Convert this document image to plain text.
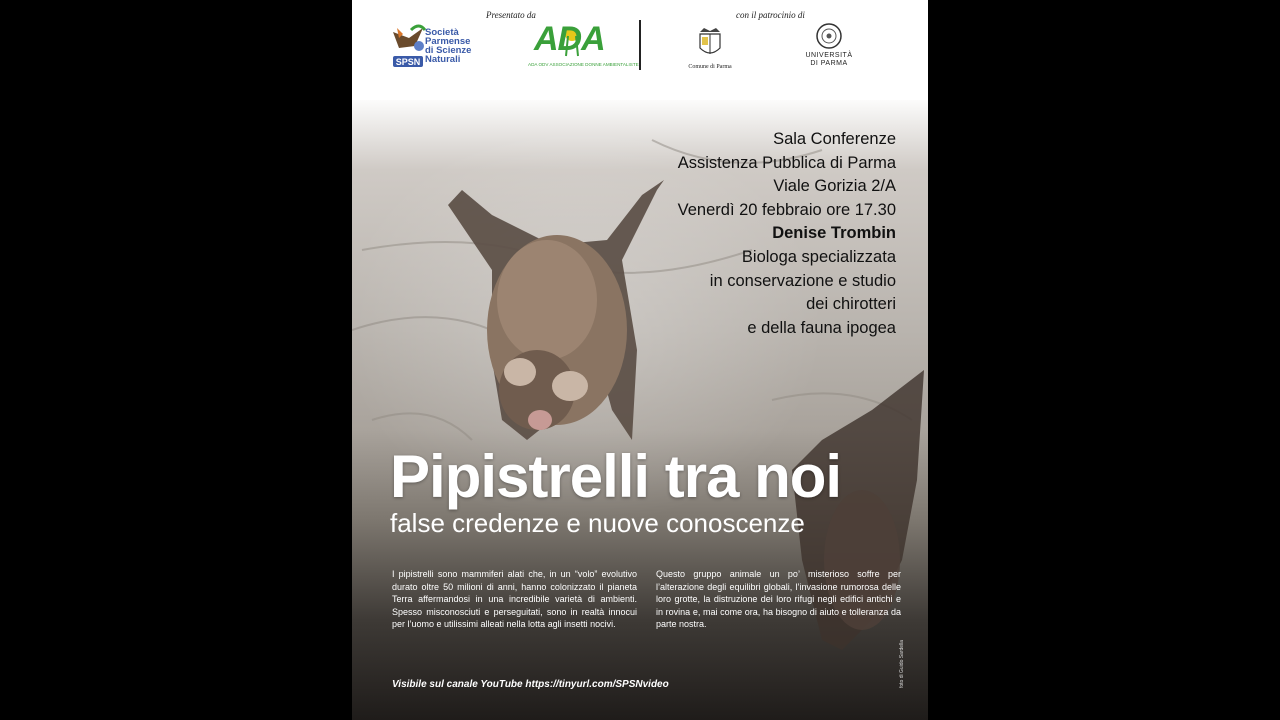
Presentato da	con il patrocinio di
SPSN
Società
Parmense
di Scienze
Naturali
ADA
ADA ODV ASSOCIAZIONE DONNE AMBIENTALISTE	Comune di Parma
UNIVERSITÀ
DI PARMA
Sala Conferenze
Assistenza Pubblica di Parma
Viale Gorizia 2/A
Venerdì 20 febbraio ore 17.30
Denise Trombin
Biologa specializzata
in conservazione e studio
dei chirotteri
e della fauna ipogea
Pipistrelli tra noi
false credenze e nuove conoscenze
I pipistrelli sono mammiferi alati che, in un “volo” evolutivo durato oltre 50 milioni di anni, hanno colonizzato il pianeta Terra affermandosi in una incredibile varietà di ambienti. Spesso misconosciuti e perseguitati, sono in realtà innocui per l’uomo e utilissimi alleati nella lotta agli insetti nocivi.
Questo gruppo animale un po’ misterioso soffre per l’alterazione degli equilibri globali, l’invasione rumorosa delle loro grotte, la distruzione dei loro rifugi negli edifici antichi e in rovina e, mai come ora, ha bisogno di aiuto e tolleranza da parte nostra.
foto di Guido Sardella
Visibile sul canale YouTube https://tinyurl.com/SPSNvideo
